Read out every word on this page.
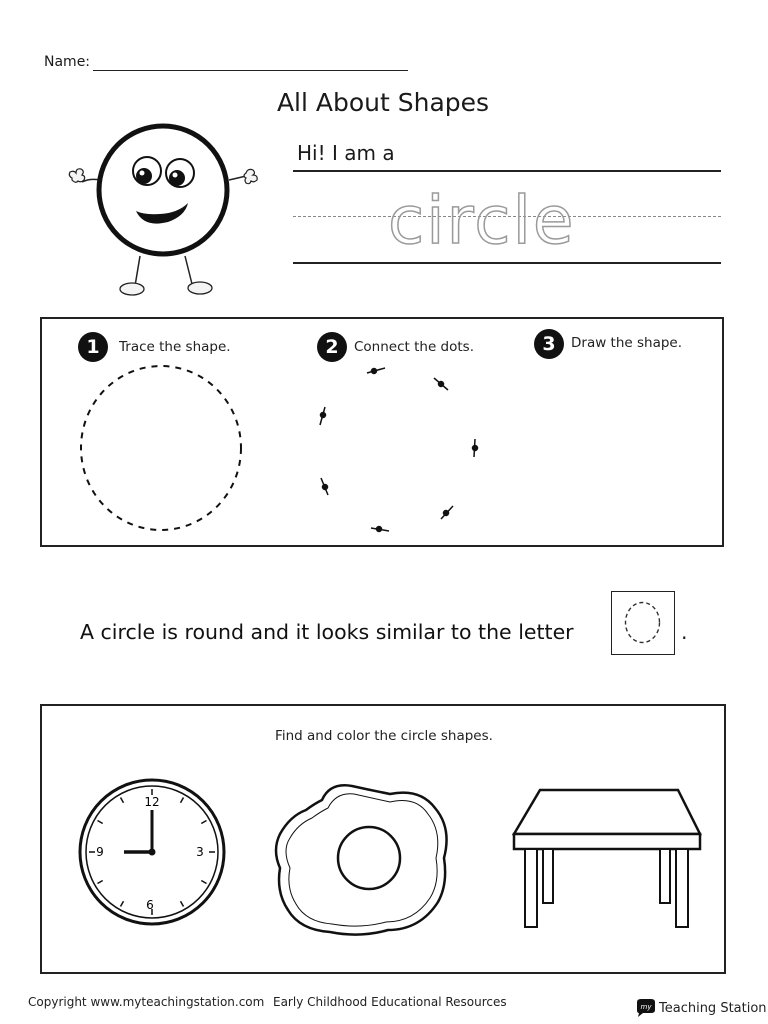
Name:
All About Shapes
Hi! I am a
circle
1	Trace the shape.	2	Connect the dots.	3	Draw the shape.
A circle is round and it looks similar to the letter	.
Find and color the circle shapes.
12
3
6
9
Copyright www.myteachingstation.com Early Childhood Educational Resources	my Teaching Station
